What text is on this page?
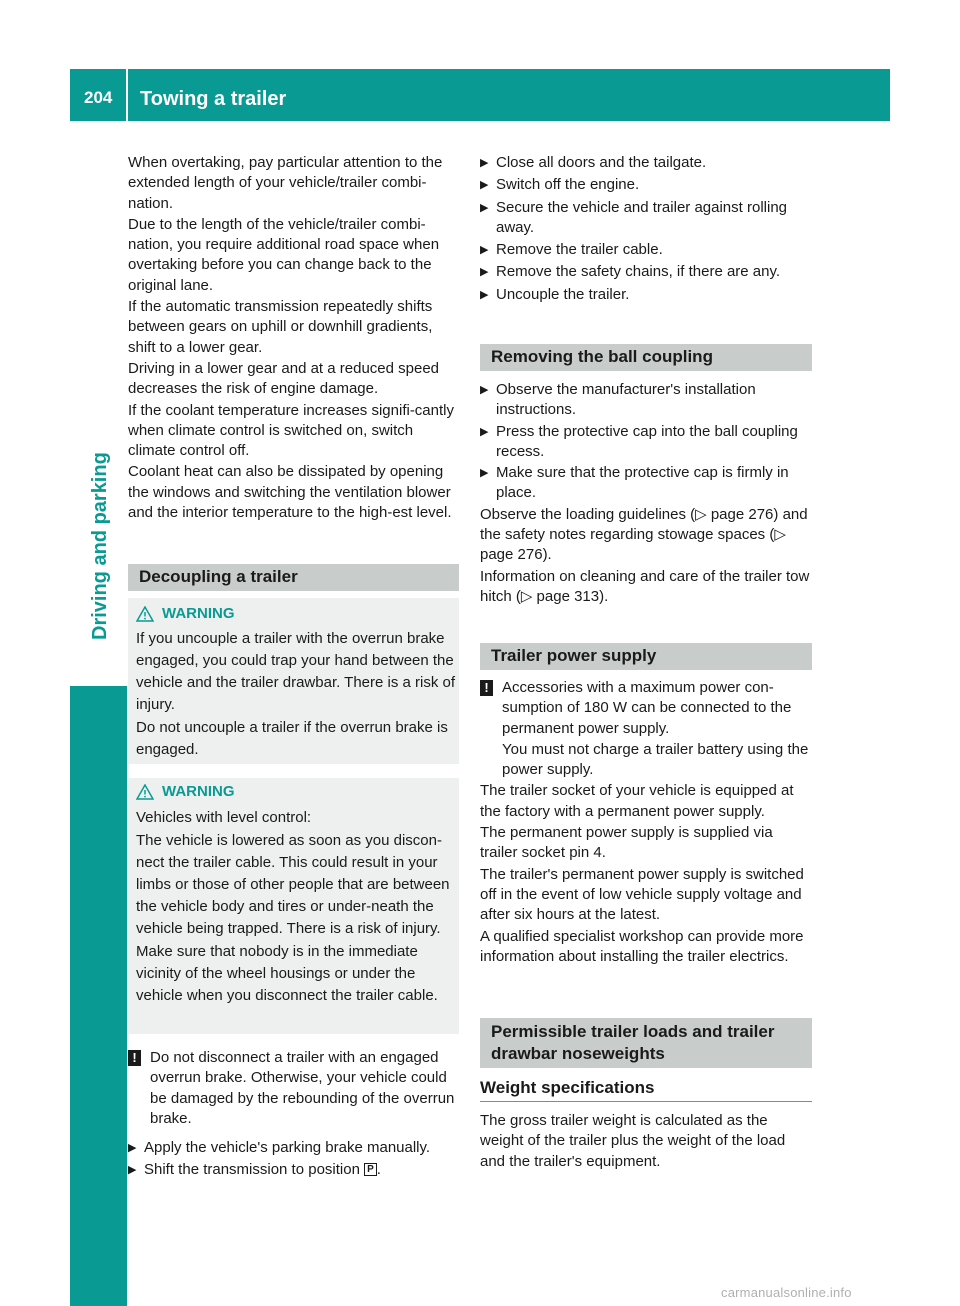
204 Towing a trailer
Driving and parking

When overtaking, pay particular attention to the extended length of your vehicle/trailer combi-nation.

Due to the length of the vehicle/trailer combi-nation, you require additional road space when overtaking before you can change back to the original lane.

If the automatic transmission repeatedly shifts between gears on uphill or downhill gradients, shift to a lower gear.

Driving in a lower gear and at a reduced speed decreases the risk of engine damage.

If the coolant temperature increases signifi-cantly when climate control is switched on, switch climate control off.

Coolant heat can also be dissipated by opening the windows and switching the ventilation blower and the interior temperature to the high-est level.

Decoupling a trailer
WARNING

If you uncouple a trailer with the overrun brake engaged, you could trap your hand between the vehicle and the trailer drawbar. There is a risk of injury.

Do not uncouple a trailer if the overrun brake is engaged.

WARNING

Vehicles with level control:

The vehicle is lowered as soon as you discon-nect the trailer cable. This could result in your limbs or those of other people that are between the vehicle body and tires or under-neath the vehicle being trapped. There is a risk of injury.

Make sure that nobody is in the immediate vicinity of the wheel housings or under the vehicle when you disconnect the trailer cable.

! Do not disconnect a trailer with an engaged overrun brake. Otherwise, your vehicle could be damaged by the rebounding of the overrun brake.
▶ Apply the vehicle's parking brake manually.
▶ Shift the transmission to position P .
▶ Close all doors and the tailgate.
▶ Switch off the engine.
▶ Secure the vehicle and trailer against rolling away.
▶ Remove the trailer cable.
▶ Remove the safety chains, if there are any.
▶ Uncouple the trailer.
Removing the ball coupling
▶ Observe the manufacturer's installation instructions.
▶ Press the protective cap into the ball coupling recess.
▶ Make sure that the protective cap is firmly in place.

Observe the loading guidelines (▷ page 276) and the safety notes regarding stowage spaces (▷ page 276).

Information on cleaning and care of the trailer tow hitch (▷ page 313).

Trailer power supply
! Accessories with a maximum power con-sumption of 180 W can be connected to the permanent power supply.

You must not charge a trailer battery using the power supply.

The trailer socket of your vehicle is equipped at the factory with a permanent power supply.

The permanent power supply is supplied via trailer socket pin 4.

The trailer's permanent power supply is switched off in the event of low vehicle supply voltage and after six hours at the latest.

A qualified specialist workshop can provide more information about installing the trailer electrics.

Permissible trailer loads and trailer
drawbar noseweights
Weight specifications

The gross trailer weight is calculated as the weight of the trailer plus the weight of the load and the trailer's equipment.

carmanualsonline.info
